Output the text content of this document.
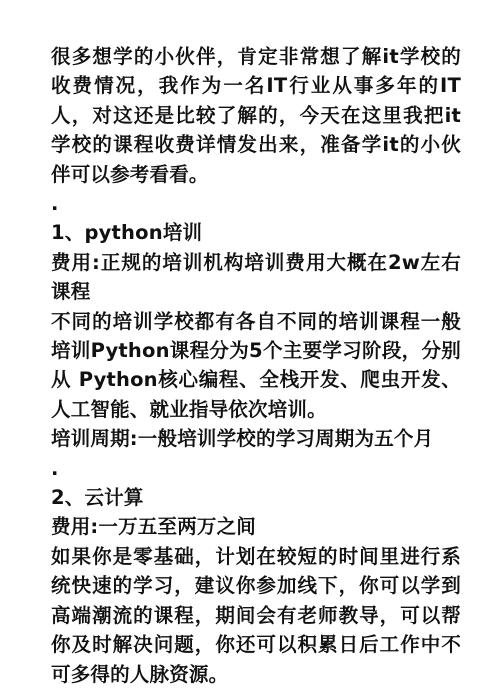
很多想学的小伙伴，肯定非常想了解it学校的收费情况，我作为一名IT行业从事多年的IT人，对这还是比较了解的，今天在这里我把it学校的课程收费详情发出来，准备学it的小伙伴可以参考看看。

.

1、python培训

费用:正规的培训机构培训费用大概在2w左右课程

不同的培训学校都有各自不同的培训课程一般培训Python课程分为5个主要学习阶段，分别从 Python核心编程、全栈开发、爬虫开发、人工智能、就业指导依次培训。

培训周期:一般培训学校的学习周期为五个月

.

2、云计算

费用:一万五至两万之间

如果你是零基础，计划在较短的时间里进行系统快速的学习，建议你参加线下，你可以学到高端潮流的课程，期间会有老师教导，可以帮你及时解决问题，你还可以积累日后工作中不可多得的人脉资源。
